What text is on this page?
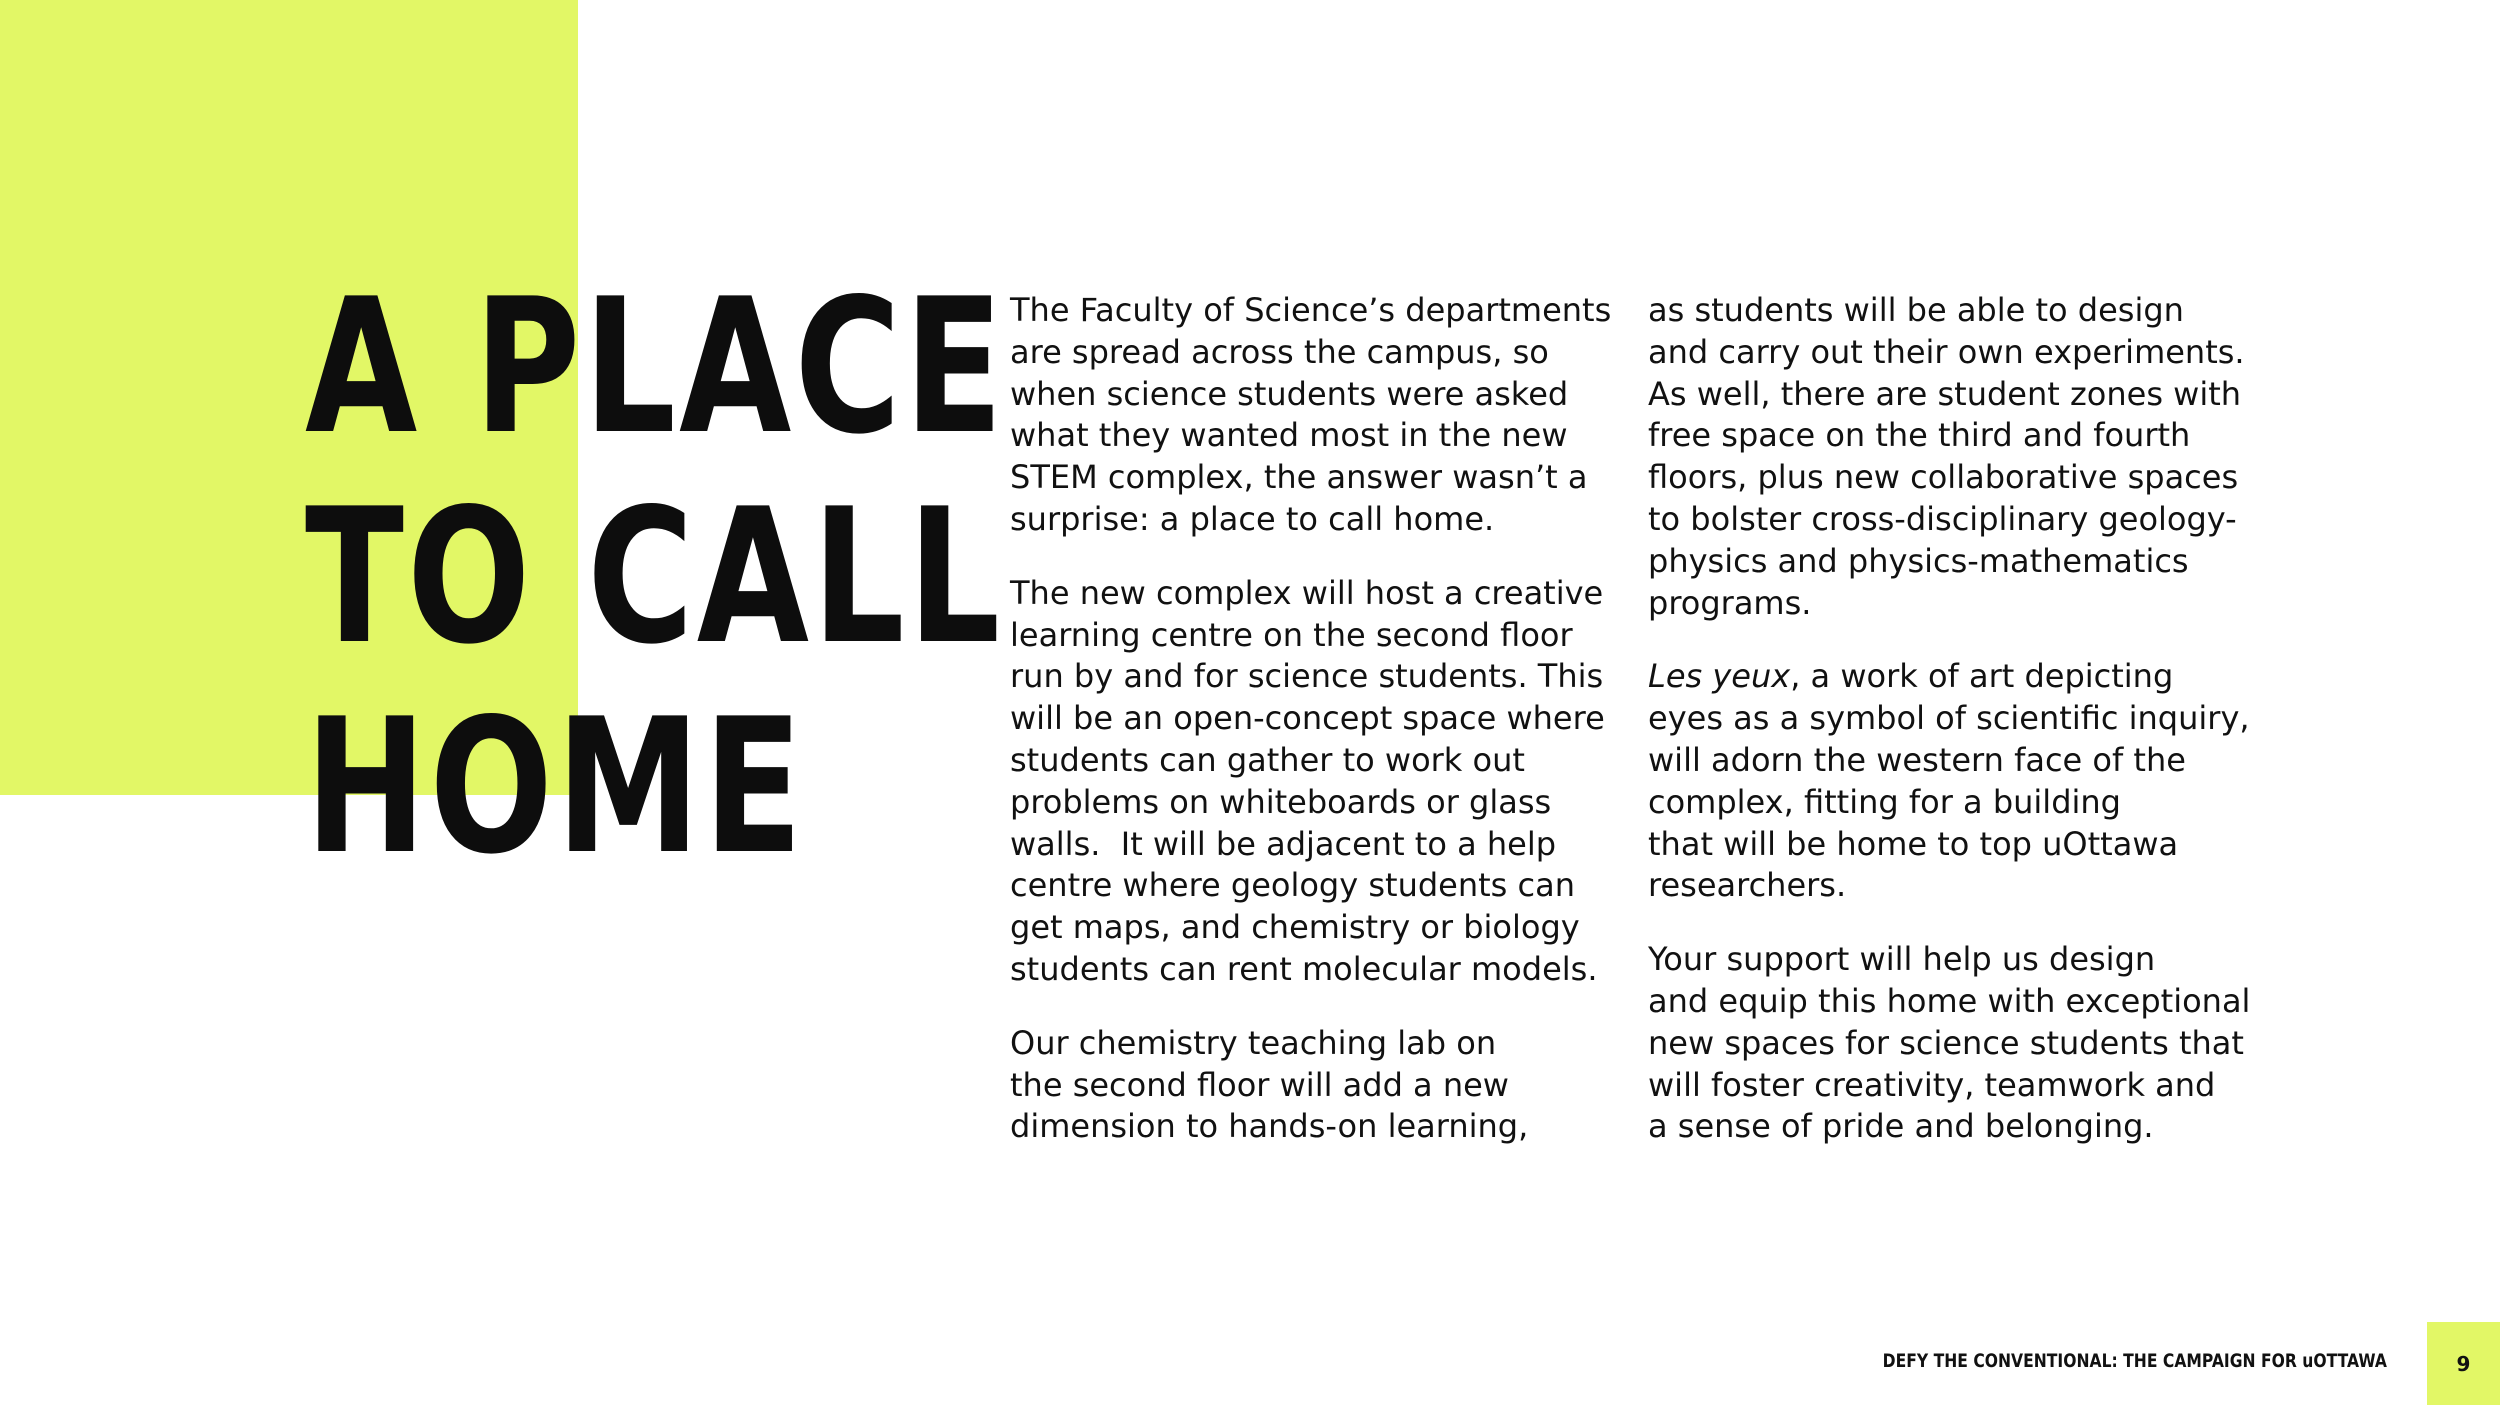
A PLACE
TO CALL
HOME

The Faculty of Science’s departments
are spread across the campus, so
when science students were asked
what they wanted most in the new
STEM complex, the answer wasn’t a
surprise: a place to call home.

The new complex will host a creative
learning centre on the second floor
run by and for science students. This
will be an open-concept space where
students can gather to work out
problems on whiteboards or glass
walls.  It will be adjacent to a help
centre where geology students can
get maps, and chemistry or biology
students can rent molecular models.

Our chemistry teaching lab on
the second floor will add a new
dimension to hands-on learning,

as students will be able to design
and carry out their own experiments.
As well, there are student zones with
free space on the third and fourth
floors, plus new collaborative spaces
to bolster cross-disciplinary geology-
physics and physics-mathematics
programs.

Les yeux, a work of art depicting
eyes as a symbol of scientific inquiry,
will adorn the western face of the
complex, fitting for a building
that will be home to top uOttawa
researchers.

Your support will help us design
and equip this home with exceptional
new spaces for science students that
will foster creativity, teamwork and
a sense of pride and belonging.

DEFY THE CONVENTIONAL: THE CAMPAIGN FOR uOTTAWA	9
